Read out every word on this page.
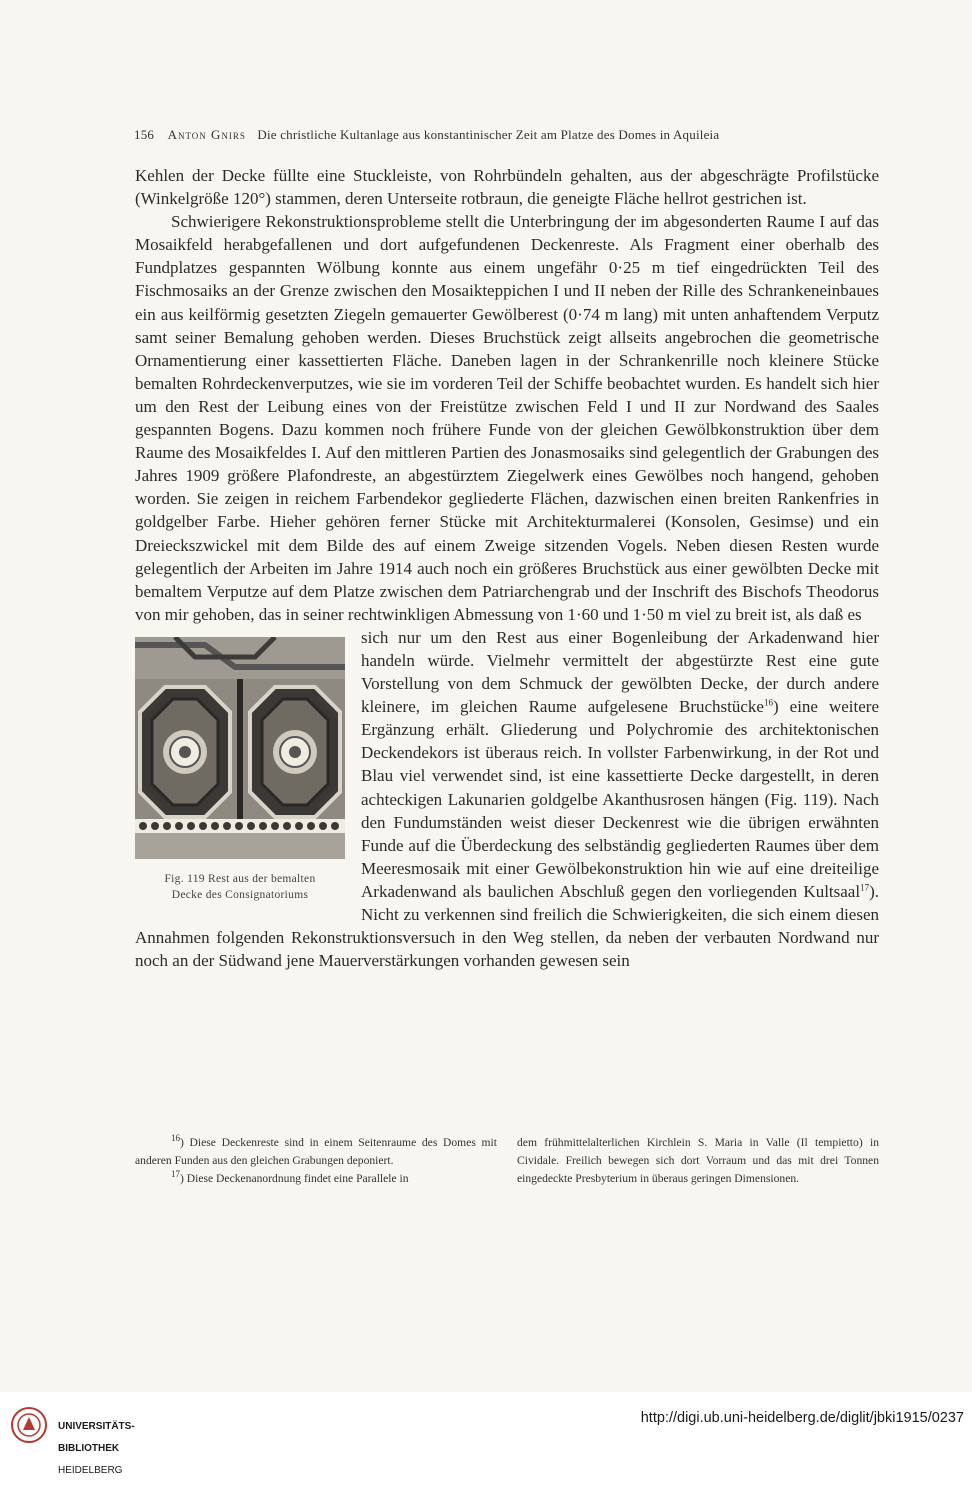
156 Anton Gnirs Die christliche Kultanlage aus konstantinischer Zeit am Platze des Domes in Aquileia

Kehlen der Decke füllte eine Stuckleiste, von Rohrbündeln gehalten, aus der abgeschrägte Profilstücke (Winkelgröße 120°) stammen, deren Unterseite rotbraun, die geneigte Fläche hellrot gestrichen ist.

Schwierigere Rekonstruktionsprobleme stellt die Unterbringung der im abgesonderten Raume I auf das Mosaikfeld herabgefallenen und dort aufgefundenen Deckenreste. Als Fragment einer oberhalb des Fundplatzes gespannten Wölbung konnte aus einem ungefähr 0·25 m tief eingedrückten Teil des Fischmosaiks an der Grenze zwischen den Mosaikteppichen I und II neben der Rille des Schrankeneinbaues ein aus keilförmig gesetzten Ziegeln gemauerter Gewölberest (0·74 m lang) mit unten anhaftendem Verputz samt seiner Bemalung gehoben werden. Dieses Bruchstück zeigt allseits angebrochen die geometrische Ornamentierung einer kassettierten Fläche. Daneben lagen in der Schrankenrille noch kleinere Stücke bemalten Rohrdeckenverputzes, wie sie im vorderen Teil der Schiffe beobachtet wurden. Es handelt sich hier um den Rest der Leibung eines von der Freistütze zwischen Feld I und II zur Nordwand des Saales gespannten Bogens. Dazu kommen noch frühere Funde von der gleichen Gewölbkonstruktion über dem Raume des Mosaikfeldes I. Auf den mittleren Partien des Jonasmosaiks sind gelegentlich der Grabungen des Jahres 1909 größere Plafondreste, an abgestürztem Ziegelwerk eines Gewölbes noch hangend, gehoben worden. Sie zeigen in reichem Farbendekor gegliederte Flächen, dazwischen einen breiten Rankenfries in goldgelber Farbe. Hieher gehören ferner Stücke mit Architekturmalerei (Konsolen, Gesimse) und ein Dreieckszwickel mit dem Bilde des auf einem Zweige sitzenden Vogels. Neben diesen Resten wurde gelegentlich der Arbeiten im Jahre 1914 auch noch ein größeres Bruchstück aus einer gewölbten Decke mit bemaltem Verputze auf dem Platze zwischen dem Patriarchengrab und der Inschrift des Bischofs Theodorus von mir gehoben, das in seiner rechtwinkligen Abmessung von 1·60 und 1·50 m viel zu breit ist, als daß es

Fig. 119 Rest aus der bemalten
Decke des Consignatoriums

sich nur um den Rest aus einer Bogenleibung der Arkadenwand hier handeln würde. Vielmehr vermittelt der abgestürzte Rest eine gute Vorstellung von dem Schmuck der gewölbten Decke, der durch andere kleinere, im gleichen Raume aufgelesene Bruchstücke$^{16}$) eine weitere Ergänzung erhält. Gliederung und Polychromie des architektonischen Deckendekors ist überaus reich. In vollster Farbenwirkung, in der Rot und Blau viel verwendet sind, ist eine kassettierte Decke dargestellt, in deren achteckigen Lakunarien goldgelbe Akanthusrosen hängen (Fig. 119). Nach den Fundumständen weist dieser Deckenrest wie die übrigen erwähnten Funde auf die Überdeckung des selbständig gegliederten Raumes über dem Meeresmosaik mit einer Gewölbekonstruktion hin wie auf eine dreiteilige Arkadenwand als baulichen Abschluß gegen den vorliegenden Kultsaal$^{17}$). Nicht zu verkennen sind freilich die Schwierigkeiten, die sich einem diesen Annahmen folgenden Rekonstruktionsversuch in den Weg stellen, da neben der verbauten Nordwand nur noch an der Südwand jene Mauerverstärkungen vorhanden gewesen sein

$^{16}$) Diese Deckenreste sind in einem Seitenraume des Domes mit anderen Funden aus den gleichen Grabungen deponiert.

$^{17}$) Diese Deckenanordnung findet eine Parallele in

dem frühmittelalterlichen Kirchlein S. Maria in Valle (Il tempietto) in Cividale. Freilich bewegen sich dort Vorraum und das mit drei Tonnen eingedeckte Presbyterium in überaus geringen Dimensionen.

UNIVERSITÄTS-

BIBLIOTHEK

HEIDELBERG

http://digi.ub.uni-heidelberg.de/diglit/jbki1915/0237
